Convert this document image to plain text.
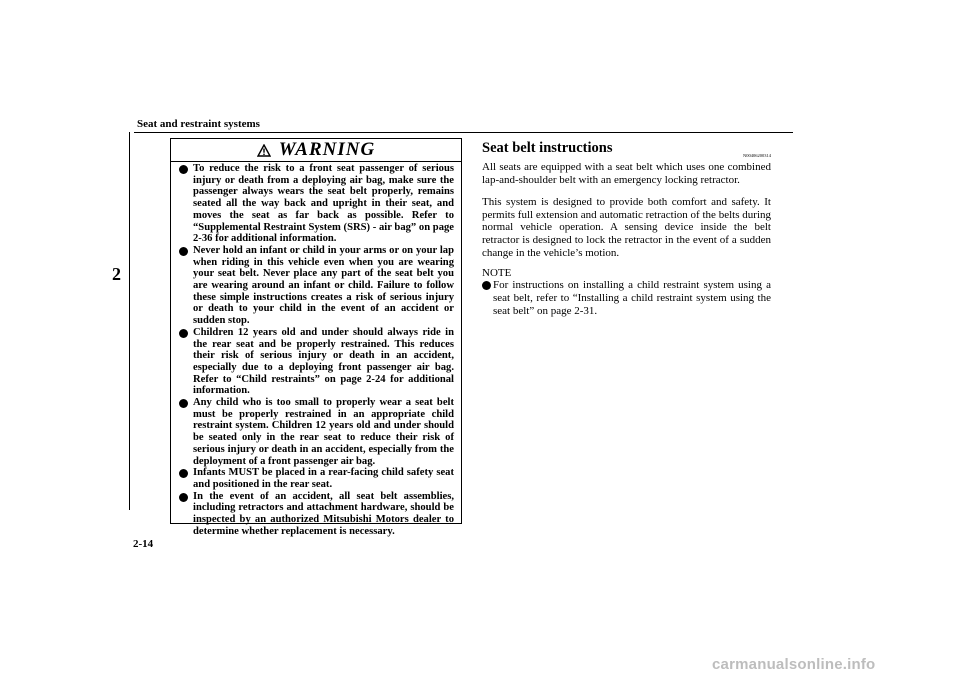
Seat and restraint systems
2
2-14
WARNING
To reduce the risk to a front seat passenger of serious injury or death from a deploying air bag, make sure the passenger always wears the seat belt properly, remains seated all the way back and upright in their seat, and moves the seat as far back as possible. Refer to “Supplemental Restraint System (SRS) - air bag” on page 2-36 for additional information.
Never hold an infant or child in your arms or on your lap when riding in this vehicle even when you are wearing your seat belt. Never place any part of the seat belt you are wearing around an infant or child. Failure to follow these simple instructions creates a risk of serious injury or death to your child in the event of an accident or sudden stop.
Children 12 years old and under should always ride in the rear seat and be properly restrained. This reduces their risk of serious injury or death in an accident, especially due to a deploying front passenger air bag. Refer to “Child restraints” on page 2-24 for additional information.
Any child who is too small to properly wear a seat belt must be properly restrained in an appropriate child restraint system. Children 12 years old and under should be seated only in the rear seat to reduce their risk of serious injury or death in an accident, especially from the deployment of a front passenger air bag.
Infants MUST be placed in a rear-facing child safety seat and positioned in the rear seat.
In the event of an accident, all seat belt assemblies, including retractors and attachment hardware, should be inspected by an authorized Mitsubishi Motors dealer to determine whether replacement is necessary.
Seat belt instructions	N00406200314

All seats are equipped with a seat belt which uses one combined lap-and-shoulder belt with an emergency locking retractor.

This system is designed to provide both comfort and safety. It permits full extension and automatic retraction of the belts during normal vehicle operation. A sensing device inside the belt retractor is designed to lock the retractor in the event of a sudden change in the vehicle’s motion.

NOTE
For instructions on installing a child restraint system using a seat belt, refer to “Installing a child restraint system using the seat belt” on page 2-31.
carmanualsonline.info
